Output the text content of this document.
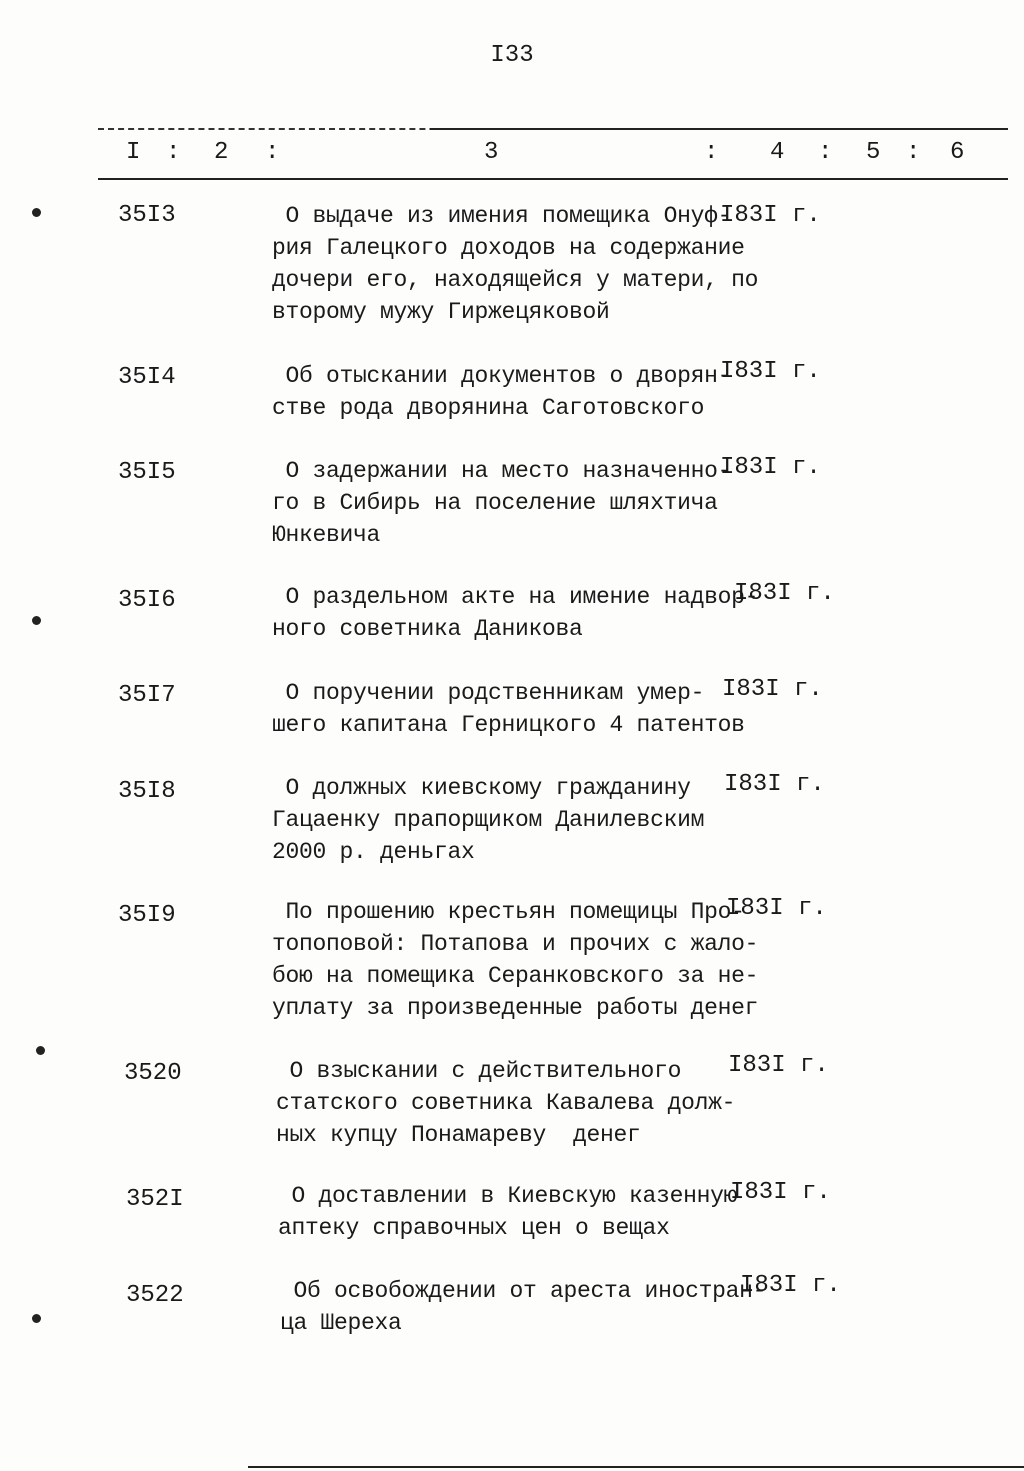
I33
I : 2 :	3	: 4 : 5 : 6
35I3	О выдаче из имения помещика Онуф-
рия Галецкого доходов на содержание
дочери его, находящейся у матери, по
второму мужу Гиржецяковой
I83I г.
35I4	Об отыскании документов о дворян-
стве рода дворянина Саготовского
I83I г.
35I5	О задержании на место назначенно-
го в Сибирь на поселение шляхтича
Юнкевича
I83I г.
35I6	О раздельном акте на имение надвор-
ного советника Даникова
I83I г.
35I7	О поручении родственникам умер-
шего капитана Герницкого 4 патентов
I83I г.
35I8	О должных киевскому гражданину
Гацаенку прапорщиком Данилевским
2000 р. деньгах
I83I г.
35I9	По прошению крестьян помещицы Про-
топоповой: Потапова и прочих с жало-
бою на помещика Серанковского за не-
уплату за произведенные работы денег
I83I г.
3520	О взыскании с действительного
статского советника Кавалева долж-
ных купцу Понамареву  денег
I83I г.
352I	О доставлении в Киевскую казенную
аптеку справочных цен о вещах
I83I г.
3522	Об освобождении от ареста иностран-
ца Шереха
I83I г.
